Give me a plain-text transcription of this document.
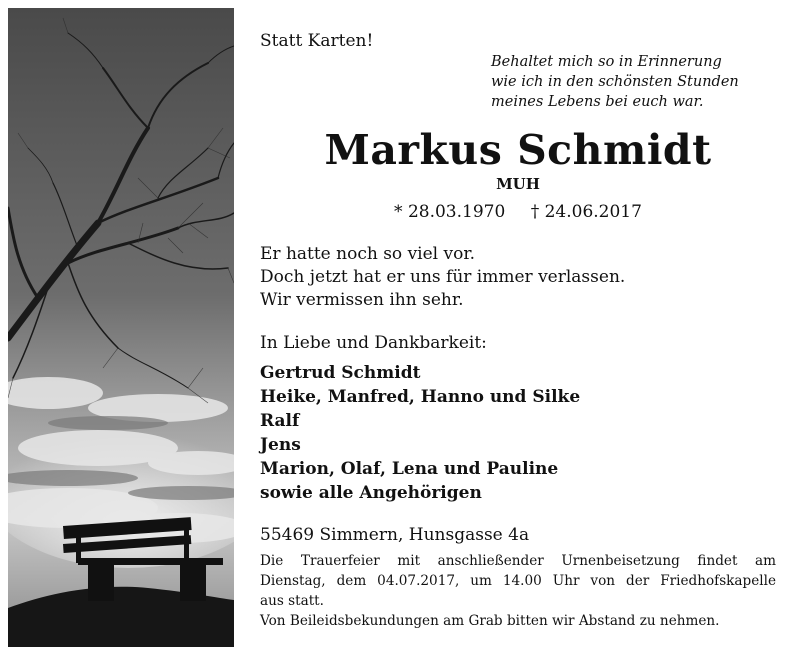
Statt Karten!
Behaltet mich so in Erinnerung
wie ich in den schönsten Stunden
meines Lebens bei euch war.
Markus Schmidt
MUH
* 28.03.1970 † 24.06.2017
Er hatte noch so viel vor.
Doch jetzt hat er uns für immer verlassen.
Wir vermissen ihn sehr.
In Liebe und Dankbarkeit:
Gertrud Schmidt
Heike, Manfred, Hanno und Silke
Ralf
Jens
Marion, Olaf, Lena und Pauline
sowie alle Angehörigen
55469 Simmern, Hunsgasse 4a
Die Trauerfeier mit anschließender Urnenbeisetzung findet am
Dienstag, dem 04.07.2017, um 14.00 Uhr von der Friedhofskapelle
aus statt.
Von Beileidsbekundungen am Grab bitten wir Abstand zu nehmen.
